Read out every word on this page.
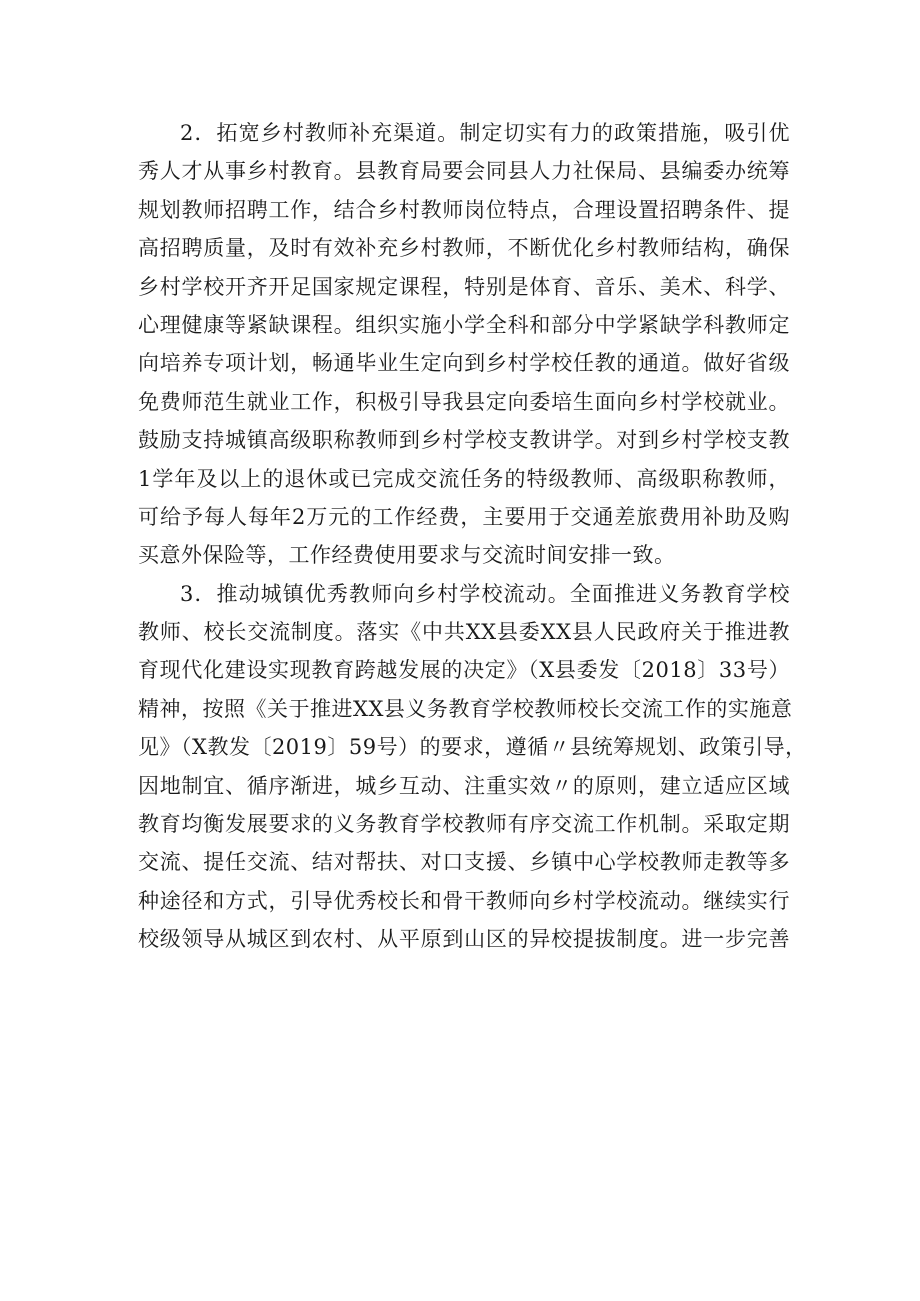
2．拓宽乡村教师补充渠道。制定切实有力的政策措施，吸引优
秀人才从事乡村教育。县教育局要会同县人力社保局、县编委办统筹
规划教师招聘工作，结合乡村教师岗位特点，合理设置招聘条件、提
高招聘质量，及时有效补充乡村教师，不断优化乡村教师结构，确保
乡村学校开齐开足国家规定课程，特别是体育、音乐、美术、科学、
心理健康等紧缺课程。组织实施小学全科和部分中学紧缺学科教师定
向培养专项计划，畅通毕业生定向到乡村学校任教的通道。做好省级
免费师范生就业工作，积极引导我县定向委培生面向乡村学校就业。
鼓励支持城镇高级职称教师到乡村学校支教讲学。对到乡村学校支教
1学年及以上的退休或已完成交流任务的特级教师、高级职称教师，
可给予每人每年2万元的工作经费，主要用于交通差旅费用补助及购
买意外保险等，工作经费使用要求与交流时间安排一致。
3．推动城镇优秀教师向乡村学校流动。全面推进义务教育学校
教师、校长交流制度。落实《中共XX县委XX县人民政府关于推进教
育现代化建设实现教育跨越发展的决定》（X县委发〔2018〕33号）
精神，按照《关于推进XX县义务教育学校教师校长交流工作的实施意
见》（X教发〔2019〕59号）的要求，遵循〃县统筹规划、政策引导，
因地制宜、循序渐进，城乡互动、注重实效〃的原则，建立适应区域
教育均衡发展要求的义务教育学校教师有序交流工作机制。采取定期
交流、提任交流、结对帮扶、对口支援、乡镇中心学校教师走教等多
种途径和方式，引导优秀校长和骨干教师向乡村学校流动。继续实行
校级领导从城区到农村、从平原到山区的异校提拔制度。进一步完善
